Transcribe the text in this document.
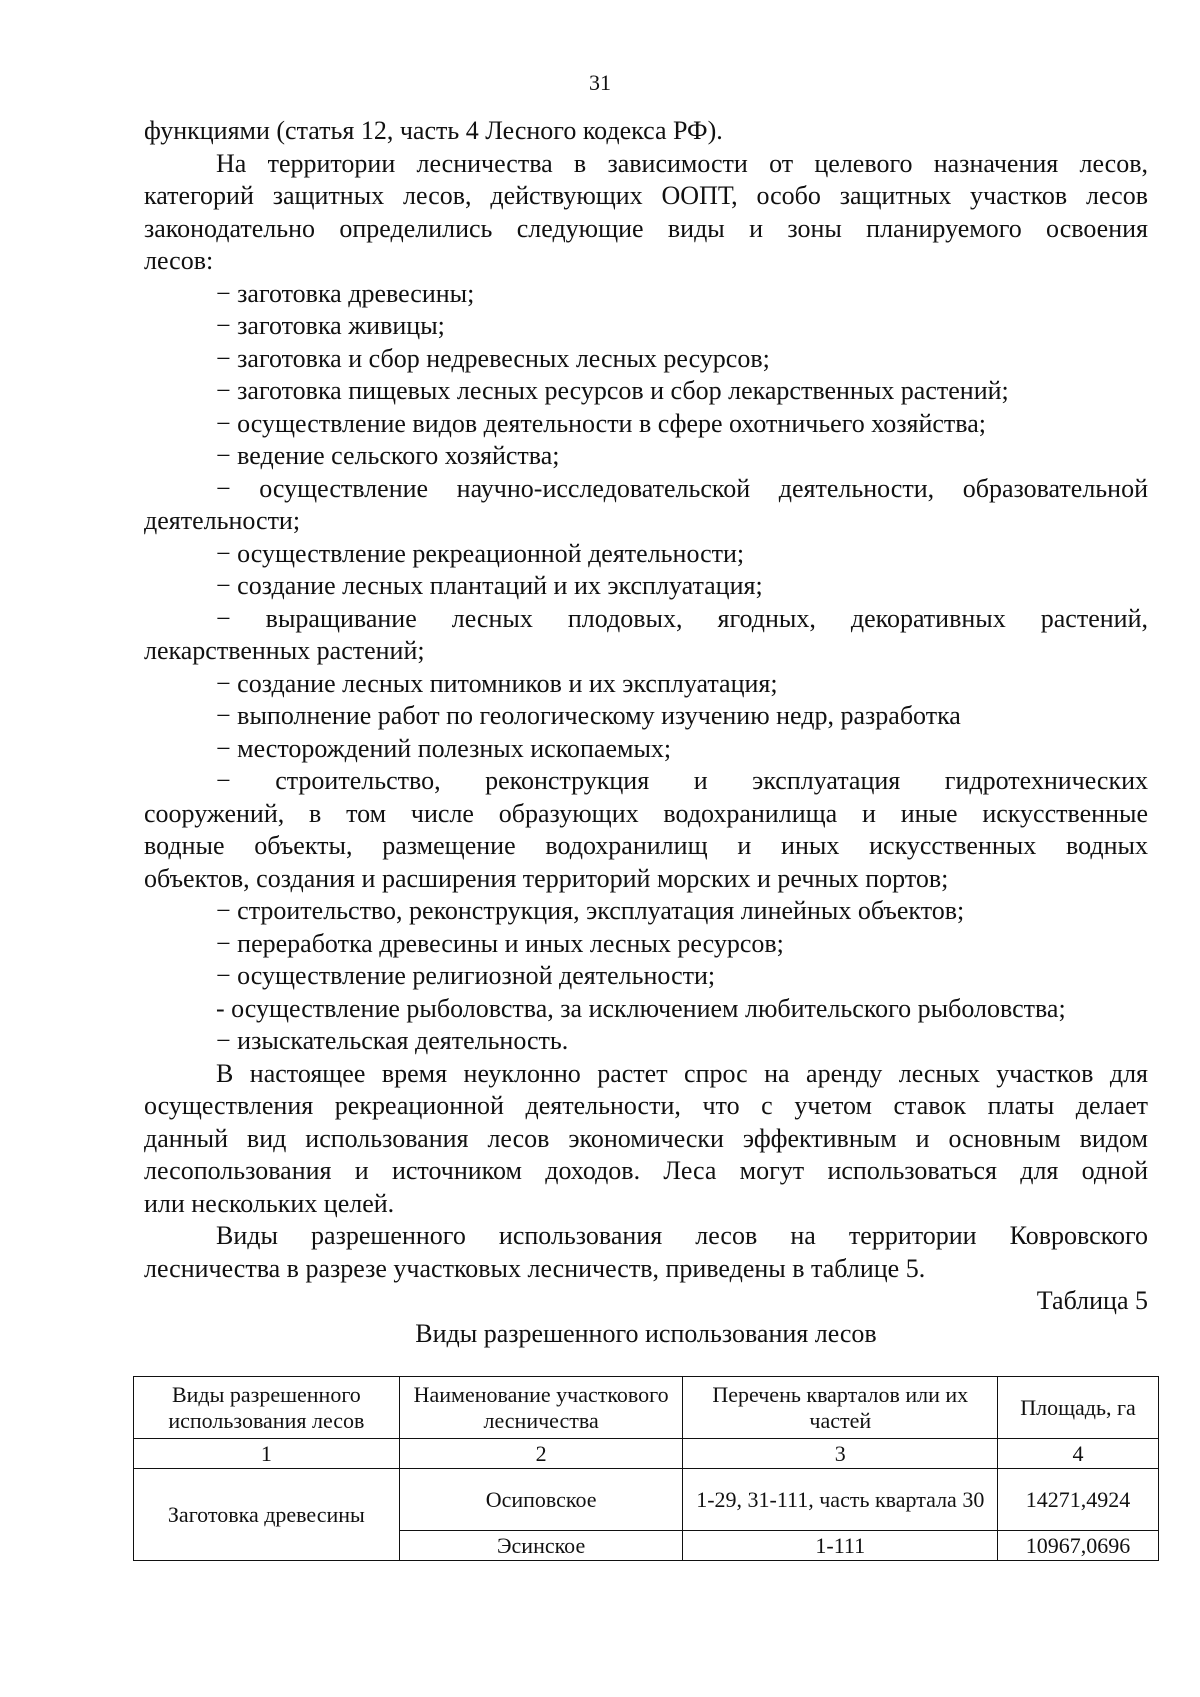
31

функциями (статья 12, часть 4 Лесного кодекса РФ).

На территории лесничества в зависимости от целевого назначения лесов,

категорий защитных лесов, действующих ООПТ, особо защитных участков лесов

законодательно определились следующие виды и зоны планируемого освоения

лесов:

− заготовка древесины;

− заготовка живицы;

− заготовка и сбор недревесных лесных ресурсов;

− заготовка пищевых лесных ресурсов и сбор лекарственных растений;

− осуществление видов деятельности в сфере охотничьего хозяйства;

− ведение сельского хозяйства;

− осуществление научно-исследовательской деятельности, образовательной

деятельности;

− осуществление рекреационной деятельности;

− создание лесных плантаций и их эксплуатация;

− выращивание лесных плодовых, ягодных, декоративных растений,

лекарственных растений;

− создание лесных питомников и их эксплуатация;

− выполнение работ по геологическому изучению недр, разработка

− месторождений полезных ископаемых;

− строительство, реконструкция и эксплуатация гидротехнических

сооружений, в том числе образующих водохранилища и иные искусственные

водные объекты, размещение водохранилищ и иных искусственных водных

объектов, создания и расширения территорий морских и речных портов;

− строительство, реконструкция, эксплуатация линейных объектов;

− переработка древесины и иных лесных ресурсов;

− осуществление религиозной деятельности;

- осуществление рыболовства, за исключением любительского рыболовства;

− изыскательская деятельность.

В настоящее время неуклонно растет спрос на аренду лесных участков для

осуществления рекреационной деятельности, что с учетом ставок платы делает

данный вид использования лесов экономически эффективным и основным видом

лесопользования и источником доходов. Леса могут использоваться для одной

или нескольких целей.

Виды разрешенного использования лесов на территории Ковровского

лесничества в разрезе участковых лесничеств, приведены в таблице 5.

Таблица 5

Виды разрешенного использования лесов

Виды разрешенного использования лесов	Наименование участкового лесничества	Перечень кварталов или их частей	Площадь, га
1	2	3	4
Заготовка древесины	Осиповское	1-29, 31-111, часть квартала 30	14271,4924
	Эсинское	1-111	10967,0696
